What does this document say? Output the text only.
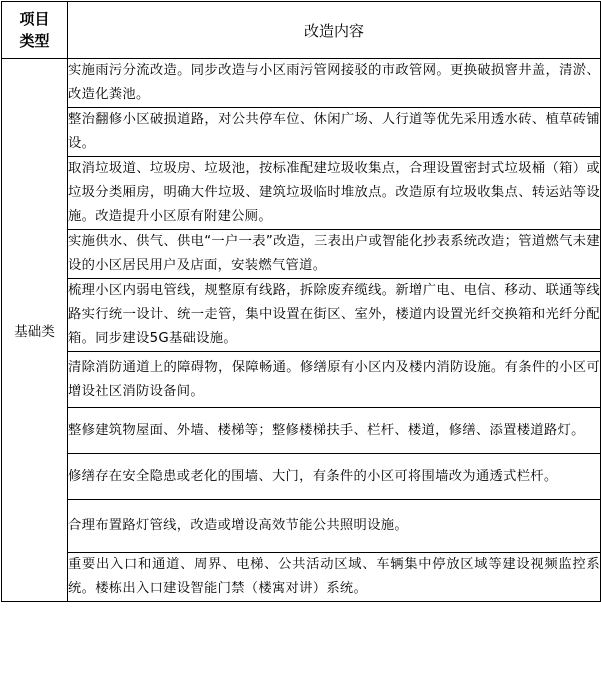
项目
类型	改造内容
基础类	实施雨污分流改造。同步改造与小区雨污管网接驳的市政管网。更换破损窨井盖，清淤、改造化粪池。
	整治翻修小区破损道路，对公共停车位、休闲广场、人行道等优先采用透水砖、植草砖铺设。
	取消垃圾道、垃圾房、垃圾池，按标准配建垃圾收集点，合理设置密封式垃圾桶（箱）或垃圾分类厢房，明确大件垃圾、建筑垃圾临时堆放点。改造原有垃圾收集点、转运站等设施。改造提升小区原有附建公厕。
	实施供水、供气、供电“一户一表”改造，三表出户或智能化抄表系统改造；管道燃气未建设的小区居民用户及店面，安装燃气管道。
	梳理小区内弱电管线，规整原有线路，拆除废弃缆线。新增广电、电信、移动、联通等线路实行统一设计、统一走管，集中设置在街区、室外，楼道内设置光纤交换箱和光纤分配箱。同步建设5G基础设施。
	清除消防通道上的障碍物，保障畅通。修缮原有小区内及楼内消防设施。有条件的小区可增设社区消防设备间。
	整修建筑物屋面、外墙、楼梯等；整修楼梯扶手、栏杆、楼道，修缮、添置楼道路灯。
	修缮存在安全隐患或老化的围墙、大门，有条件的小区可将围墙改为通透式栏杆。
	合理布置路灯管线，改造或增设高效节能公共照明设施。
	重要出入口和通道、周界、电梯、公共活动区域、车辆集中停放区域等建设视频监控系统。楼栋出入口建设智能门禁（楼寓对讲）系统。
